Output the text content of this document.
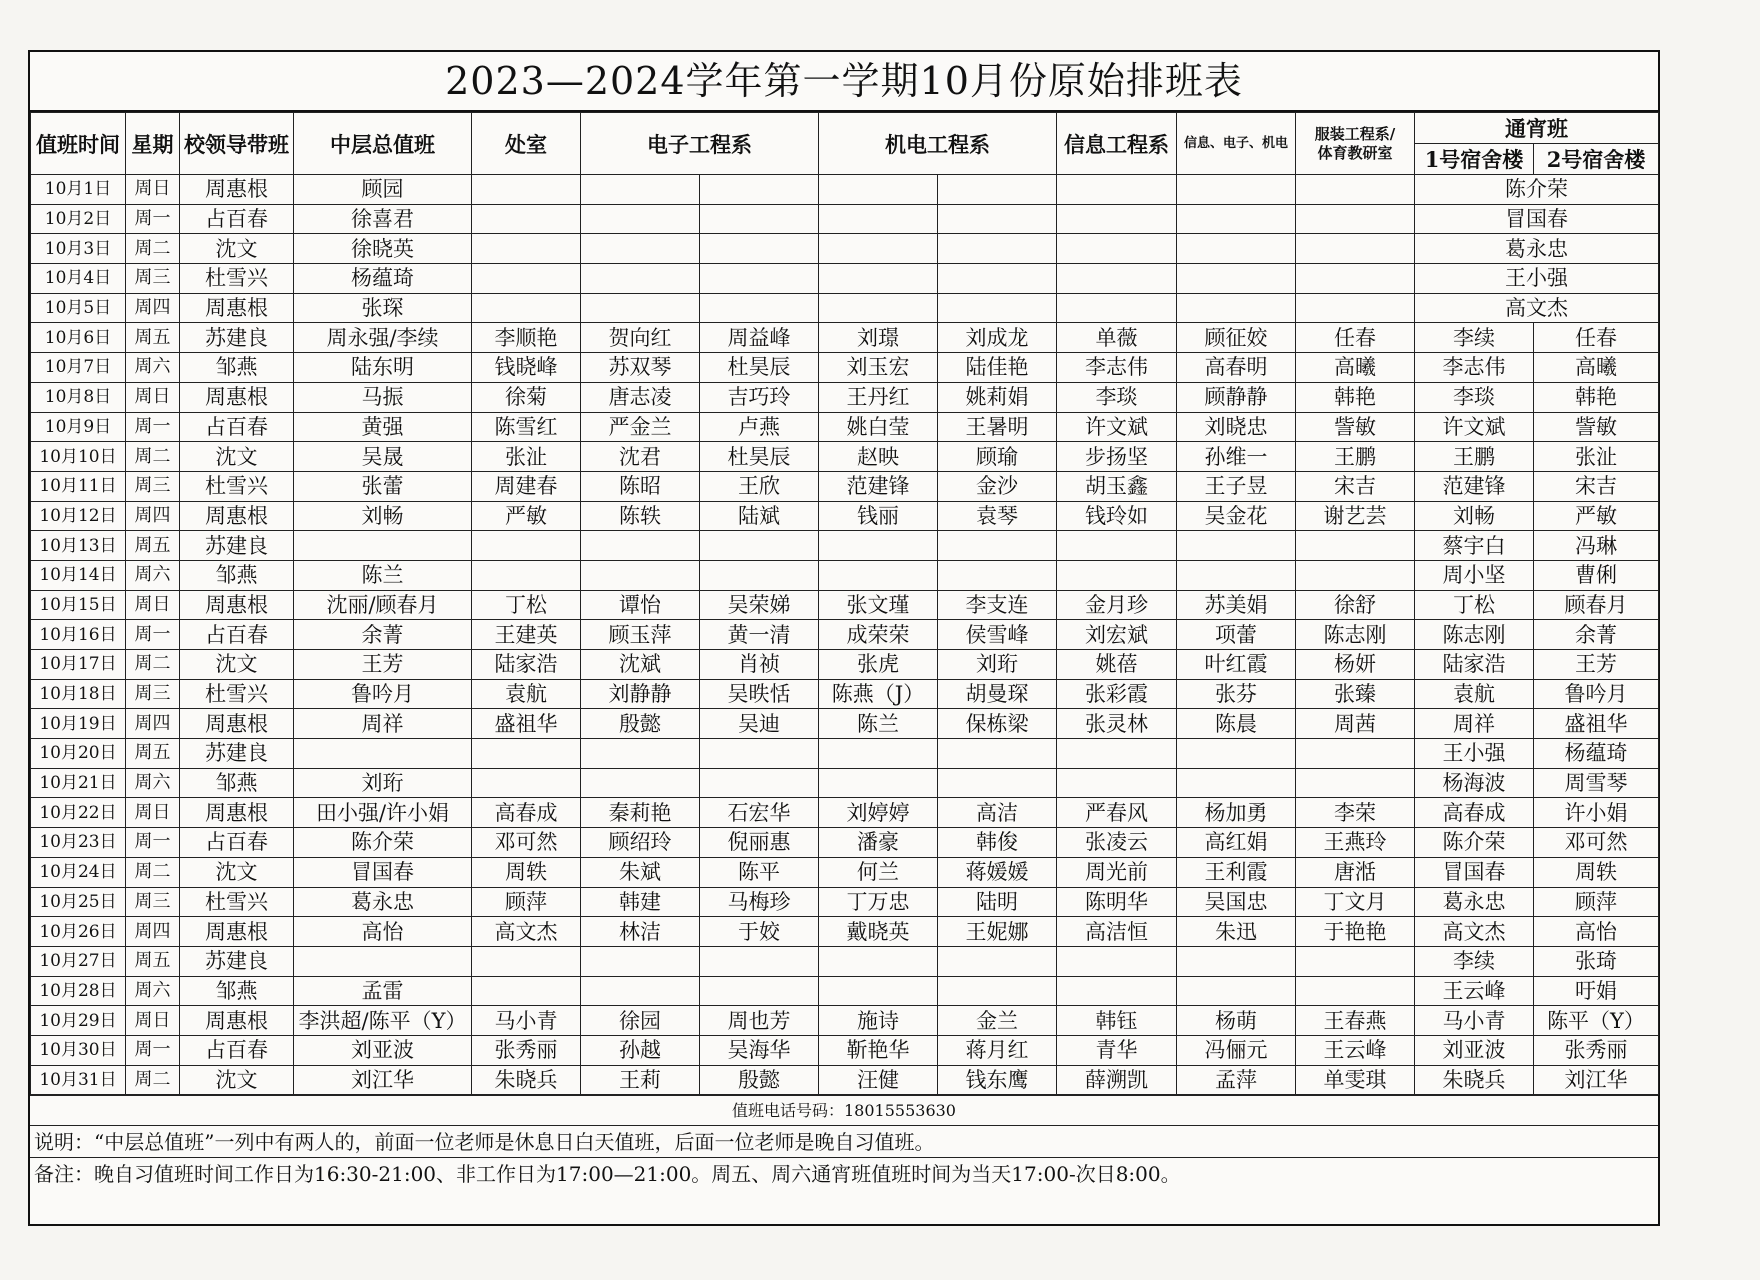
2023—2024学年第一学期10月份原始排班表
值班时间	星期	校领导带班	中层总值班	处室	电子工程系		机电工程系		信息工程系	信息、电子、机电	服装工程系/
体育教研室	通宵班	
												1号宿舍楼	2号宿舍楼
10月1日	周日	周惠根	顾园									陈介荣	
10月2日	周一	占百春	徐喜君									冒国春	
10月3日	周二	沈文	徐晓英									葛永忠	
10月4日	周三	杜雪兴	杨蕴琦									王小强	
10月5日	周四	周惠根	张琛									高文杰	
10月6日	周五	苏建良	周永强/李续	李顺艳	贺向红	周益峰	刘璟	刘成龙	单薇	顾征姣	任春	李续	任春
10月7日	周六	邹燕	陆东明	钱晓峰	苏双琴	杜昊辰	刘玉宏	陆佳艳	李志伟	高春明	高曦	李志伟	高曦
10月8日	周日	周惠根	马振	徐菊	唐志凌	吉巧玲	王丹红	姚莉娟	李琰	顾静静	韩艳	李琰	韩艳
10月9日	周一	占百春	黄强	陈雪红	严金兰	卢燕	姚白莹	王暑明	许文斌	刘晓忠	訾敏	许文斌	訾敏
10月10日	周二	沈文	吴晟	张沚	沈君	杜昊辰	赵映	顾瑜	步扬坚	孙维一	王鹏	王鹏	张沚
10月11日	周三	杜雪兴	张蕾	周建春	陈昭	王欣	范建锋	金沙	胡玉鑫	王子昱	宋吉	范建锋	宋吉
10月12日	周四	周惠根	刘畅	严敏	陈轶	陆斌	钱丽	袁琴	钱玲如	吴金花	谢艺芸	刘畅	严敏
10月13日	周五	苏建良										蔡宇白	冯琳
10月14日	周六	邹燕	陈兰									周小坚	曹俐
10月15日	周日	周惠根	沈丽/顾春月	丁松	谭怡	吴荣娣	张文瑾	李支连	金月珍	苏美娟	徐舒	丁松	顾春月
10月16日	周一	占百春	余菁	王建英	顾玉萍	黄一清	成荣荣	侯雪峰	刘宏斌	项蕾	陈志刚	陈志刚	余菁
10月17日	周二	沈文	王芳	陆家浩	沈斌	肖祯	张虎	刘珩	姚蓓	叶红霞	杨妍	陆家浩	王芳
10月18日	周三	杜雪兴	鲁吟月	袁航	刘静静	吴昳恬	陈燕（J）	胡曼琛	张彩霞	张芬	张臻	袁航	鲁吟月
10月19日	周四	周惠根	周祥	盛祖华	殷懿	吴迪	陈兰	保栋梁	张灵林	陈晨	周茜	周祥	盛祖华
10月20日	周五	苏建良										王小强	杨蕴琦
10月21日	周六	邹燕	刘珩									杨海波	周雪琴
10月22日	周日	周惠根	田小强/许小娟	高春成	秦莉艳	石宏华	刘婷婷	高洁	严春风	杨加勇	李荣	高春成	许小娟
10月23日	周一	占百春	陈介荣	邓可然	顾绍玲	倪丽惠	潘豪	韩俊	张凌云	高红娟	王燕玲	陈介荣	邓可然
10月24日	周二	沈文	冒国春	周轶	朱斌	陈平	何兰	蒋媛媛	周光前	王利霞	唐湉	冒国春	周轶
10月25日	周三	杜雪兴	葛永忠	顾萍	韩建	马梅珍	丁万忠	陆明	陈明华	吴国忠	丁文月	葛永忠	顾萍
10月26日	周四	周惠根	高怡	高文杰	林洁	于姣	戴晓英	王妮娜	高洁恒	朱迅	于艳艳	高文杰	高怡
10月27日	周五	苏建良										李续	张琦
10月28日	周六	邹燕	孟雷									王云峰	吁娟
10月29日	周日	周惠根	李洪超/陈平（Y）	马小青	徐园	周也芳	施诗	金兰	韩钰	杨萌	王春燕	马小青	陈平（Y）
10月30日	周一	占百春	刘亚波	张秀丽	孙越	吴海华	靳艳华	蒋月红	青华	冯俪元	王云峰	刘亚波	张秀丽
10月31日	周二	沈文	刘江华	朱晓兵	王莉	殷懿	汪健	钱东鹰	薛溯凯	孟萍	单雯琪	朱晓兵	刘江华
值班电话号码：18015553630
说明：“中层总值班”一列中有两人的，前面一位老师是休息日白天值班，后面一位老师是晚自习值班。
备注：晚自习值班时间工作日为16:30-21:00、非工作日为17:00—21:00。周五、周六通宵班值班时间为当天17:00-次日8:00。
